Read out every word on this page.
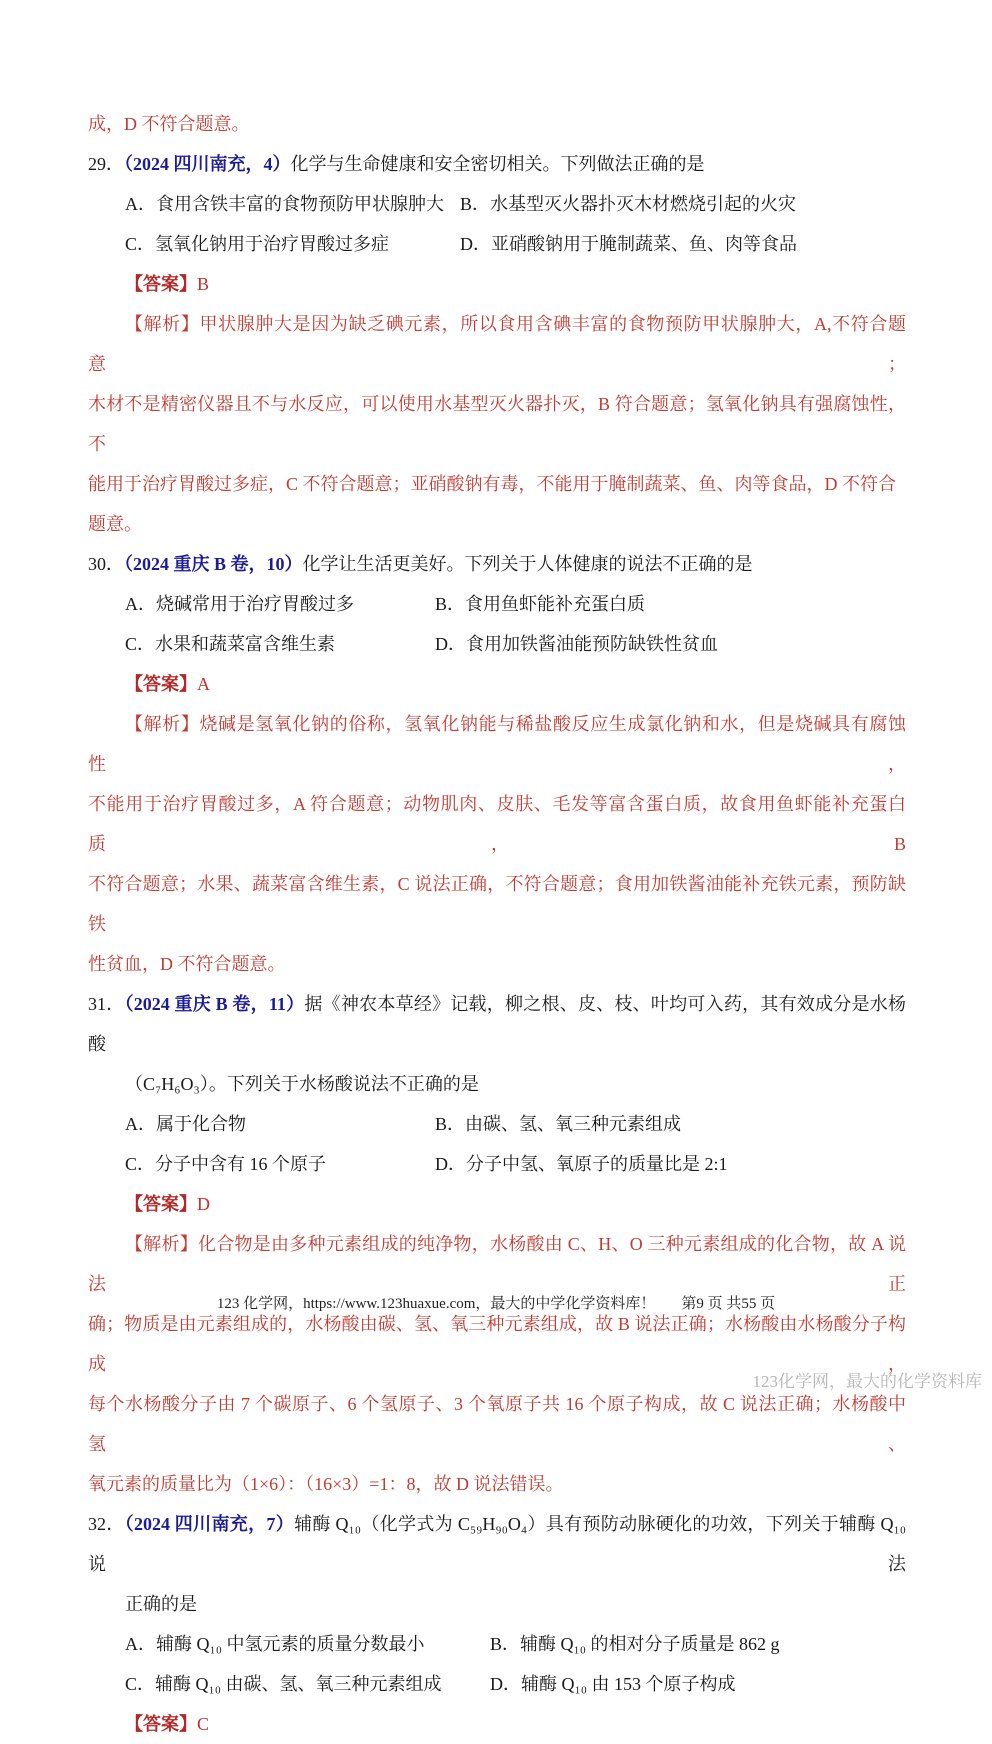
成，D 不符合题意。
29．（2024 四川南充，4）化学与生命健康和安全密切相关。下列做法正确的是
A．食用含铁丰富的食物预防甲状腺肿大 B．水基型灭火器扑灭木材燃烧引起的火灾
C．氢氧化钠用于治疗胃酸过多症	D．亚硝酸钠用于腌制蔬菜、鱼、肉等食品
【答案】B
【解析】甲状腺肿大是因为缺乏碘元素，所以食用含碘丰富的食物预防甲状腺肿大，A,不符合题意；
木材不是精密仪器且不与水反应，可以使用水基型灭火器扑灭，B 符合题意；氢氧化钠具有强腐蚀性，不
能用于治疗胃酸过多症，C 不符合题意；亚硝酸钠有毒，不能用于腌制蔬菜、鱼、肉等食品，D 不符合题意。
30．（2024 重庆 B 卷，10）化学让生活更美好。下列关于人体健康的说法不正确的是
A．烧碱常用于治疗胃酸过多	B．食用鱼虾能补充蛋白质
C．水果和蔬菜富含维生素	D．食用加铁酱油能预防缺铁性贫血
【答案】A
【解析】烧碱是氢氧化钠的俗称，氢氧化钠能与稀盐酸反应生成氯化钠和水，但是烧碱具有腐蚀性，
不能用于治疗胃酸过多，A 符合题意；动物肌肉、皮肤、毛发等富含蛋白质，故食用鱼虾能补充蛋白质，B
不符合题意；水果、蔬菜富含维生素，C 说法正确，不符合题意；食用加铁酱油能补充铁元素，预防缺铁
性贫血，D 不符合题意。
31．（2024 重庆 B 卷，11）据《神农本草经》记载，柳之根、皮、枝、叶均可入药，其有效成分是水杨酸
（C₇H₆O₃）。下列关于水杨酸说法不正确的是
A．属于化合物	B．由碳、氢、氧三种元素组成
C．分子中含有 16 个原子	D．分子中氢、氧原子的质量比是 2:1
【答案】D
【解析】化合物是由多种元素组成的纯净物，水杨酸由 C、H、O 三种元素组成的化合物，故 A 说法正
确；物质是由元素组成的，水杨酸由碳、氢、氧三种元素组成，故 B 说法正确；水杨酸由水杨酸分子构成，
每个水杨酸分子由 7 个碳原子、6 个氢原子、3 个氧原子共 16 个原子构成，故 C 说法正确；水杨酸中氢、
氧元素的质量比为（1×6）：（16×3）=1：8，故 D 说法错误。
32．（2024 四川南充，7）辅酶 Q₁₀（化学式为 C₅₉H₉₀O₄）具有预防动脉硬化的功效，下列关于辅酶 Q₁₀ 说法
正确的是
A．辅酶 Q₁₀ 中氢元素的质量分数最小	B．辅酶 Q₁₀ 的相对分子质量是 862 g
C．辅酶 Q₁₀ 由碳、氢、氧三种元素组成	D．辅酶 Q₁₀ 由 153 个原子构成
【答案】C
123 化学网，https://www.123huaxue.com，最大的中学化学资料库！ 第9 页 共55 页
123化学网，最大的化学资料库
